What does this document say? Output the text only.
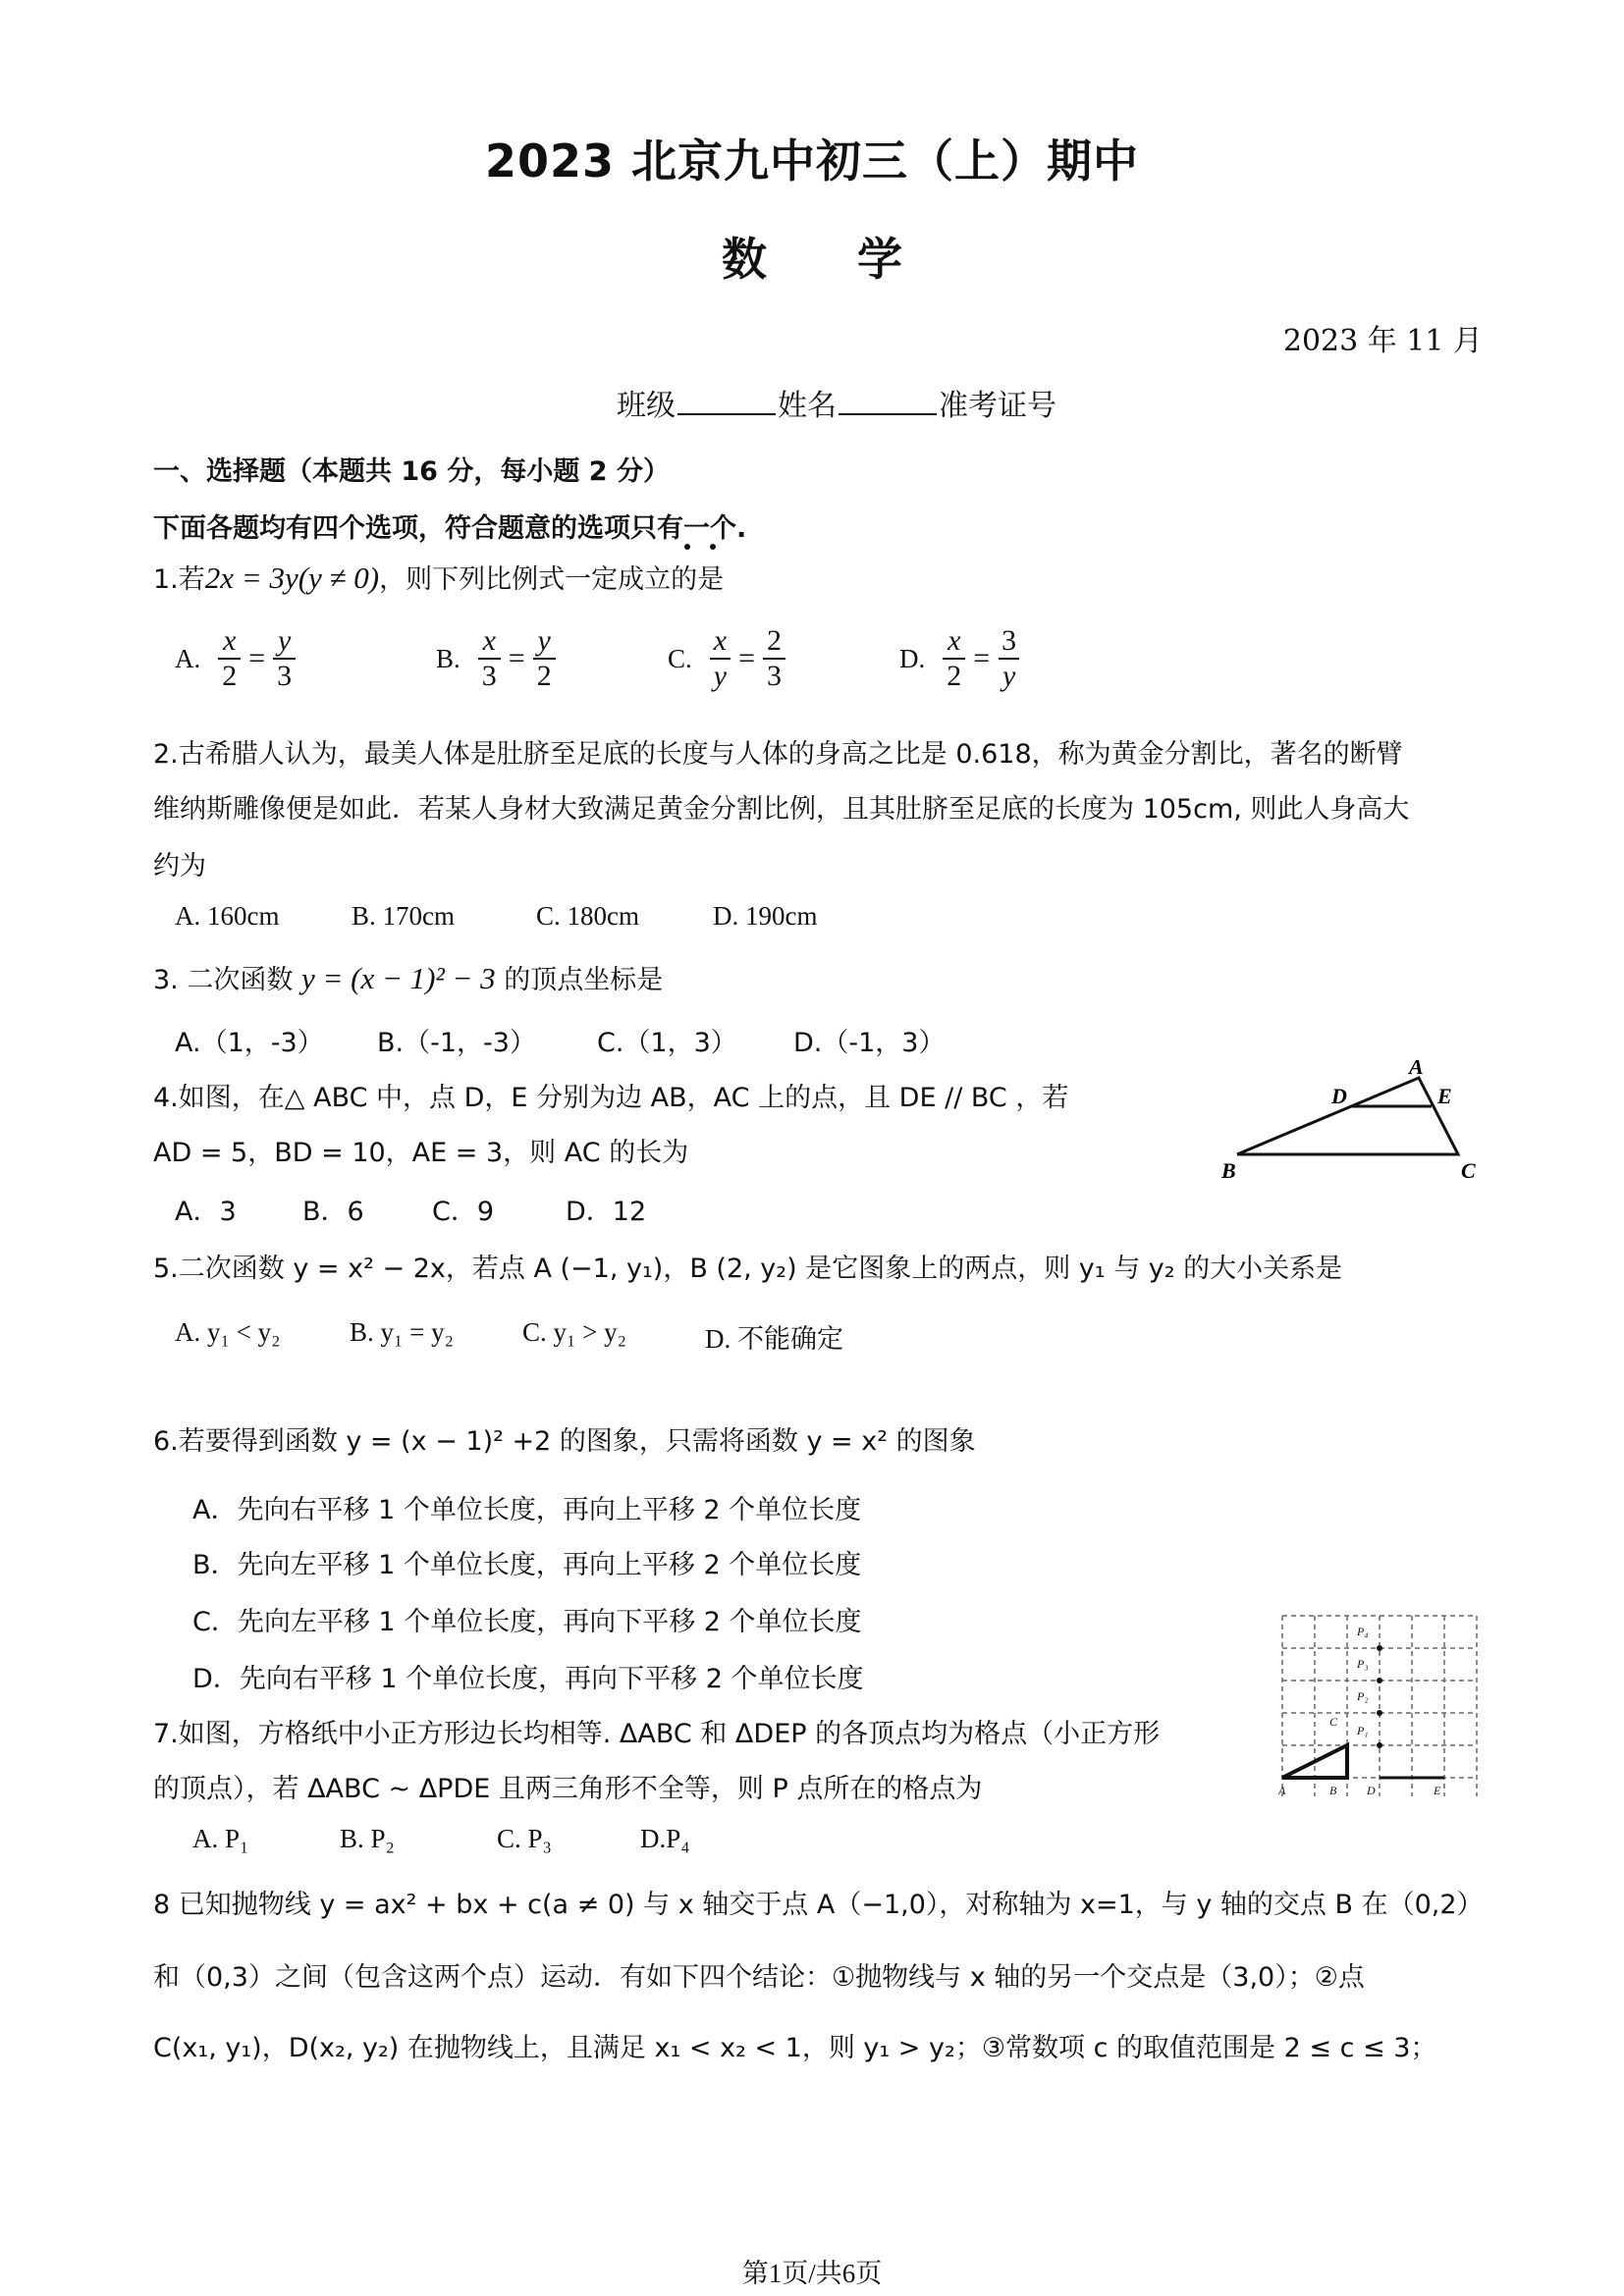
2023 北京九中初三（上）期中
数　　学
2023 年 11 月
班级	姓名	准考证号
一、选择题（本题共 16 分，每小题 2 分）
下面各题均有四个选项，符合题意的选项只有一个.
1.若2x = 3y(y ≠ 0)，则下列比例式一定成立的是
A. $\frac{x}{2} = \frac{y}{3}$	B. $\frac{x}{3} = \frac{y}{2}$	C. $\frac{x}{y} = \frac{2}{3}$	D. $\frac{x}{2} = \frac{3}{y}$
2.古希腊人认为，最美人体是肚脐至足底的长度与人体的身高之比是 0.618，称为黄金分割比，著名的断臂
维纳斯雕像便是如此．若某人身材大致满足黄金分割比例，且其肚脐至足底的长度为 105cm, 则此人身高大
约为
A. 160cm	B. 170cm	C. 180cm	D. 190cm
3. 二次函数 y = (x − 1)² − 3 的顶点坐标是
A.（1，-3）	B.（-1，-3）	C.（1，3）	D.（-1，3）
4.如图，在△ ABC 中，点 D，E 分别为边 AB，AC 上的点，且 DE // BC ，若
AD = 5，BD = 10，AE = 3，则 AC 的长为
A．3	B．6	C．9	D．12
A
D	E
B	C
5.二次函数 y = x² − 2x，若点 A (−1, y₁)，B (2, y₂) 是它图象上的两点，则 y₁ 与 y₂ 的大小关系是
A. y₁ < y₂	B. y₁ = y₂	C. y₁ > y₂	D. 不能确定
6.若要得到函数 y = (x − 1)² +2 的图象，只需将函数 y = x² 的图象
A．先向右平移 1 个单位长度，再向上平移 2 个单位长度
B．先向左平移 1 个单位长度，再向上平移 2 个单位长度
C．先向左平移 1 个单位长度，再向下平移 2 个单位长度
D．先向右平移 1 个单位长度，再向下平移 2 个单位长度
7.如图，方格纸中小正方形边长均相等. ΔABC 和 ΔDEP 的各顶点均为格点（小正方形
的顶点），若 ΔABC ~ ΔPDE 且两三角形不全等，则 P 点所在的格点为
A. P₁	B. P₂	C. P₃	D.P₄
P₄
P₃
P₂
P₁
C
A	B	D	E
8 已知抛物线 y = ax² + bx + c(a ≠ 0) 与 x 轴交于点 A（−1,0），对称轴为 x=1，与 y 轴的交点 B 在（0,2）
和（0,3）之间（包含这两个点）运动．有如下四个结论：①抛物线与 x 轴的另一个交点是（3,0）；②点
C(x₁, y₁)，D(x₂, y₂) 在抛物线上，且满足 x₁ < x₂ < 1，则 y₁ > y₂；③常数项 c 的取值范围是 2 ≤ c ≤ 3；
第1页/共6页
